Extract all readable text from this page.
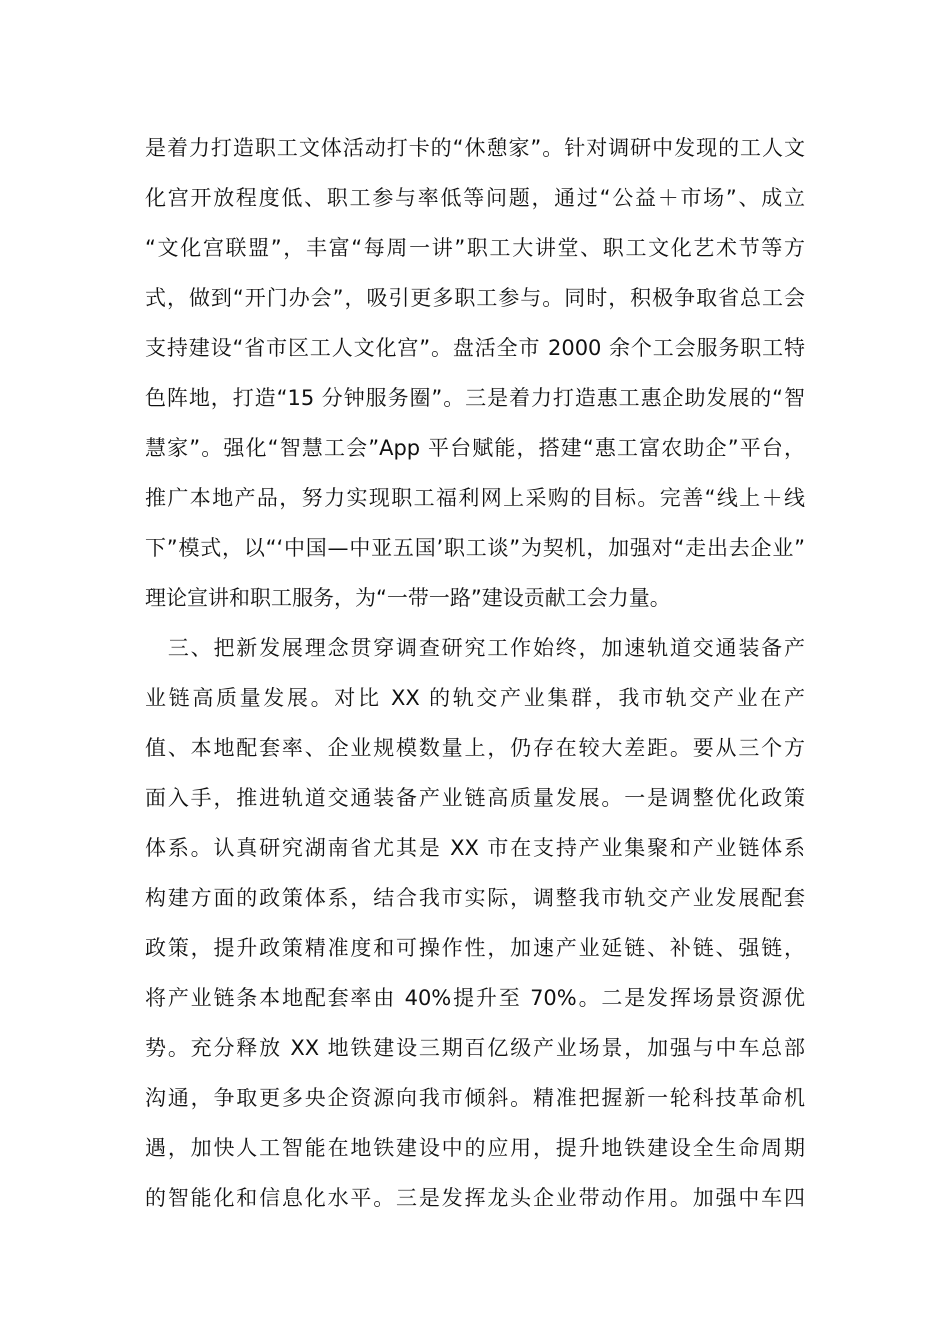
是着力打造职工文体活动打卡的“休憩家”。针对调研中发现的工人文
化宫开放程度低、职工参与率低等问题，通过“公益＋市场”、成立
“文化宫联盟”，丰富“每周一讲”职工大讲堂、职工文化艺术节等方
式，做到“开门办会”，吸引更多职工参与。同时，积极争取省总工会
支持建设“省市区工人文化宫”。盘活全市 2000 余个工会服务职工特
色阵地，打造“15 分钟服务圈”。三是着力打造惠工惠企助发展的“智
慧家”。强化“智慧工会”App 平台赋能，搭建“惠工富农助企”平台，
推广本地产品，努力实现职工福利网上采购的目标。完善“线上＋线
下”模式，以“‘中国—中亚五国’职工谈”为契机，加强对“走出去企业”
理论宣讲和职工服务，为“一带一路”建设贡献工会力量。
　三、把新发展理念贯穿调查研究工作始终，加速轨道交通装备产
业链高质量发展。对比 XX 的轨交产业集群，我市轨交产业在产
值、本地配套率、企业规模数量上，仍存在较大差距。要从三个方
面入手，推进轨道交通装备产业链高质量发展。一是调整优化政策
体系。认真研究湖南省尤其是 XX 市在支持产业集聚和产业链体系
构建方面的政策体系，结合我市实际，调整我市轨交产业发展配套
政策，提升政策精准度和可操作性，加速产业延链、补链、强链，
将产业链条本地配套率由 40%提升至 70%。二是发挥场景资源优
势。充分释放 XX 地铁建设三期百亿级产业场景，加强与中车总部
沟通，争取更多央企资源向我市倾斜。精准把握新一轮科技革命机
遇，加快人工智能在地铁建设中的应用，提升地铁建设全生命周期
的智能化和信息化水平。三是发挥龙头企业带动作用。加强中车四
